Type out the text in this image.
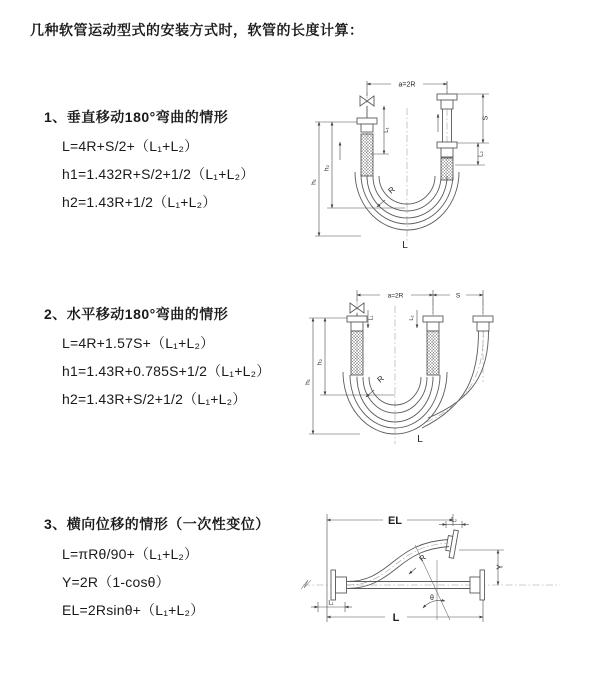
几种软管运动型式的安装方式时，软管的长度计算：
1、垂直移动180°弯曲的情形
L=4R+S/2+（L₁+L₂）
h1=1.432R+S/2+1/2（L₁+L₂）
h2=1.43R+1/2（L₁+L₂）
a=2R
R
h₁
h₂
L₁
S
L₂
L
2、水平移动180°弯曲的情形
L=4R+1.57S+（L₁+L₂）
h1=1.43R+0.785S+1/2（L₁+L₂）
h2=1.43R+S/2+1/2（L₁+L₂）
a=2R	S
h₁
h₂
L₁	L₂
R
L
3、横向位移的情形（一次性变位）
L=πRθ/90+（L₁+L₂）
Y=2R（1-cosθ）
EL=2Rsinθ+（L₁+L₂）
EL	L₂
Y
R
θ
L
L₁
